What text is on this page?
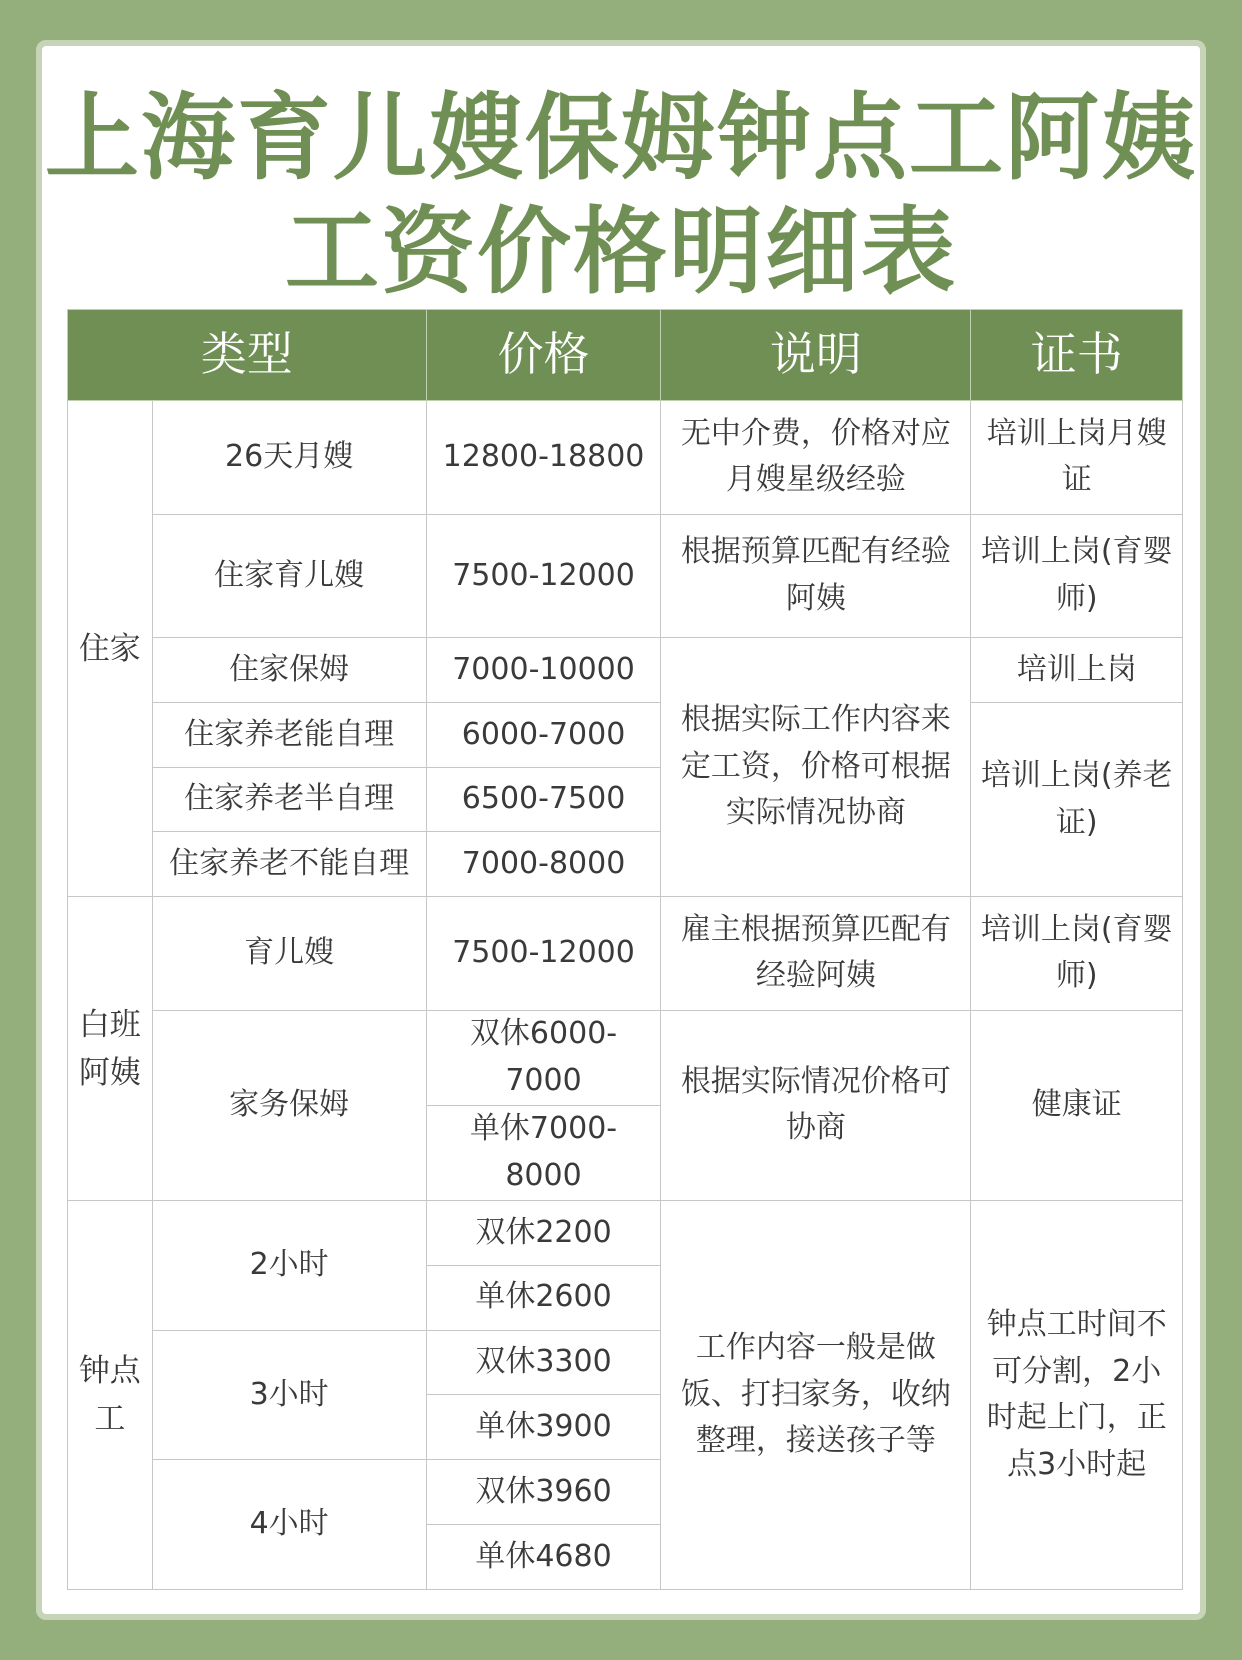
上海育儿嫂保姆钟点工阿姨
工资价格明细表
类型		价格	说明	证书
住家	26天月嫂	12800-18800	无中介费，价格对应月嫂星级经验	培训上岗月嫂证
	住家育儿嫂	7500-12000	根据预算匹配有经验阿姨	培训上岗(育婴师)
	住家保姆	7000-10000	根据实际工作内容来定工资，价格可根据实际情况协商	培训上岗
	住家养老能自理	6000-7000		培训上岗(养老证)
	住家养老半自理	6500-7500		
	住家养老不能自理	7000-8000		
白班阿姨	育儿嫂	7500-12000	雇主根据预算匹配有经验阿姨	培训上岗(育婴师)
	家务保姆	双休6000-7000	根据实际情况价格可协商	健康证
		单休7000-8000		
钟点工	2小时	双休2200	工作内容一般是做饭、打扫家务，收纳整理，接送孩子等	钟点工时间不可分割，2小时起上门，正点3小时起
		单休2600		
	3小时	双休3300		
		单休3900		
	4小时	双休3960		
		单休4680		
